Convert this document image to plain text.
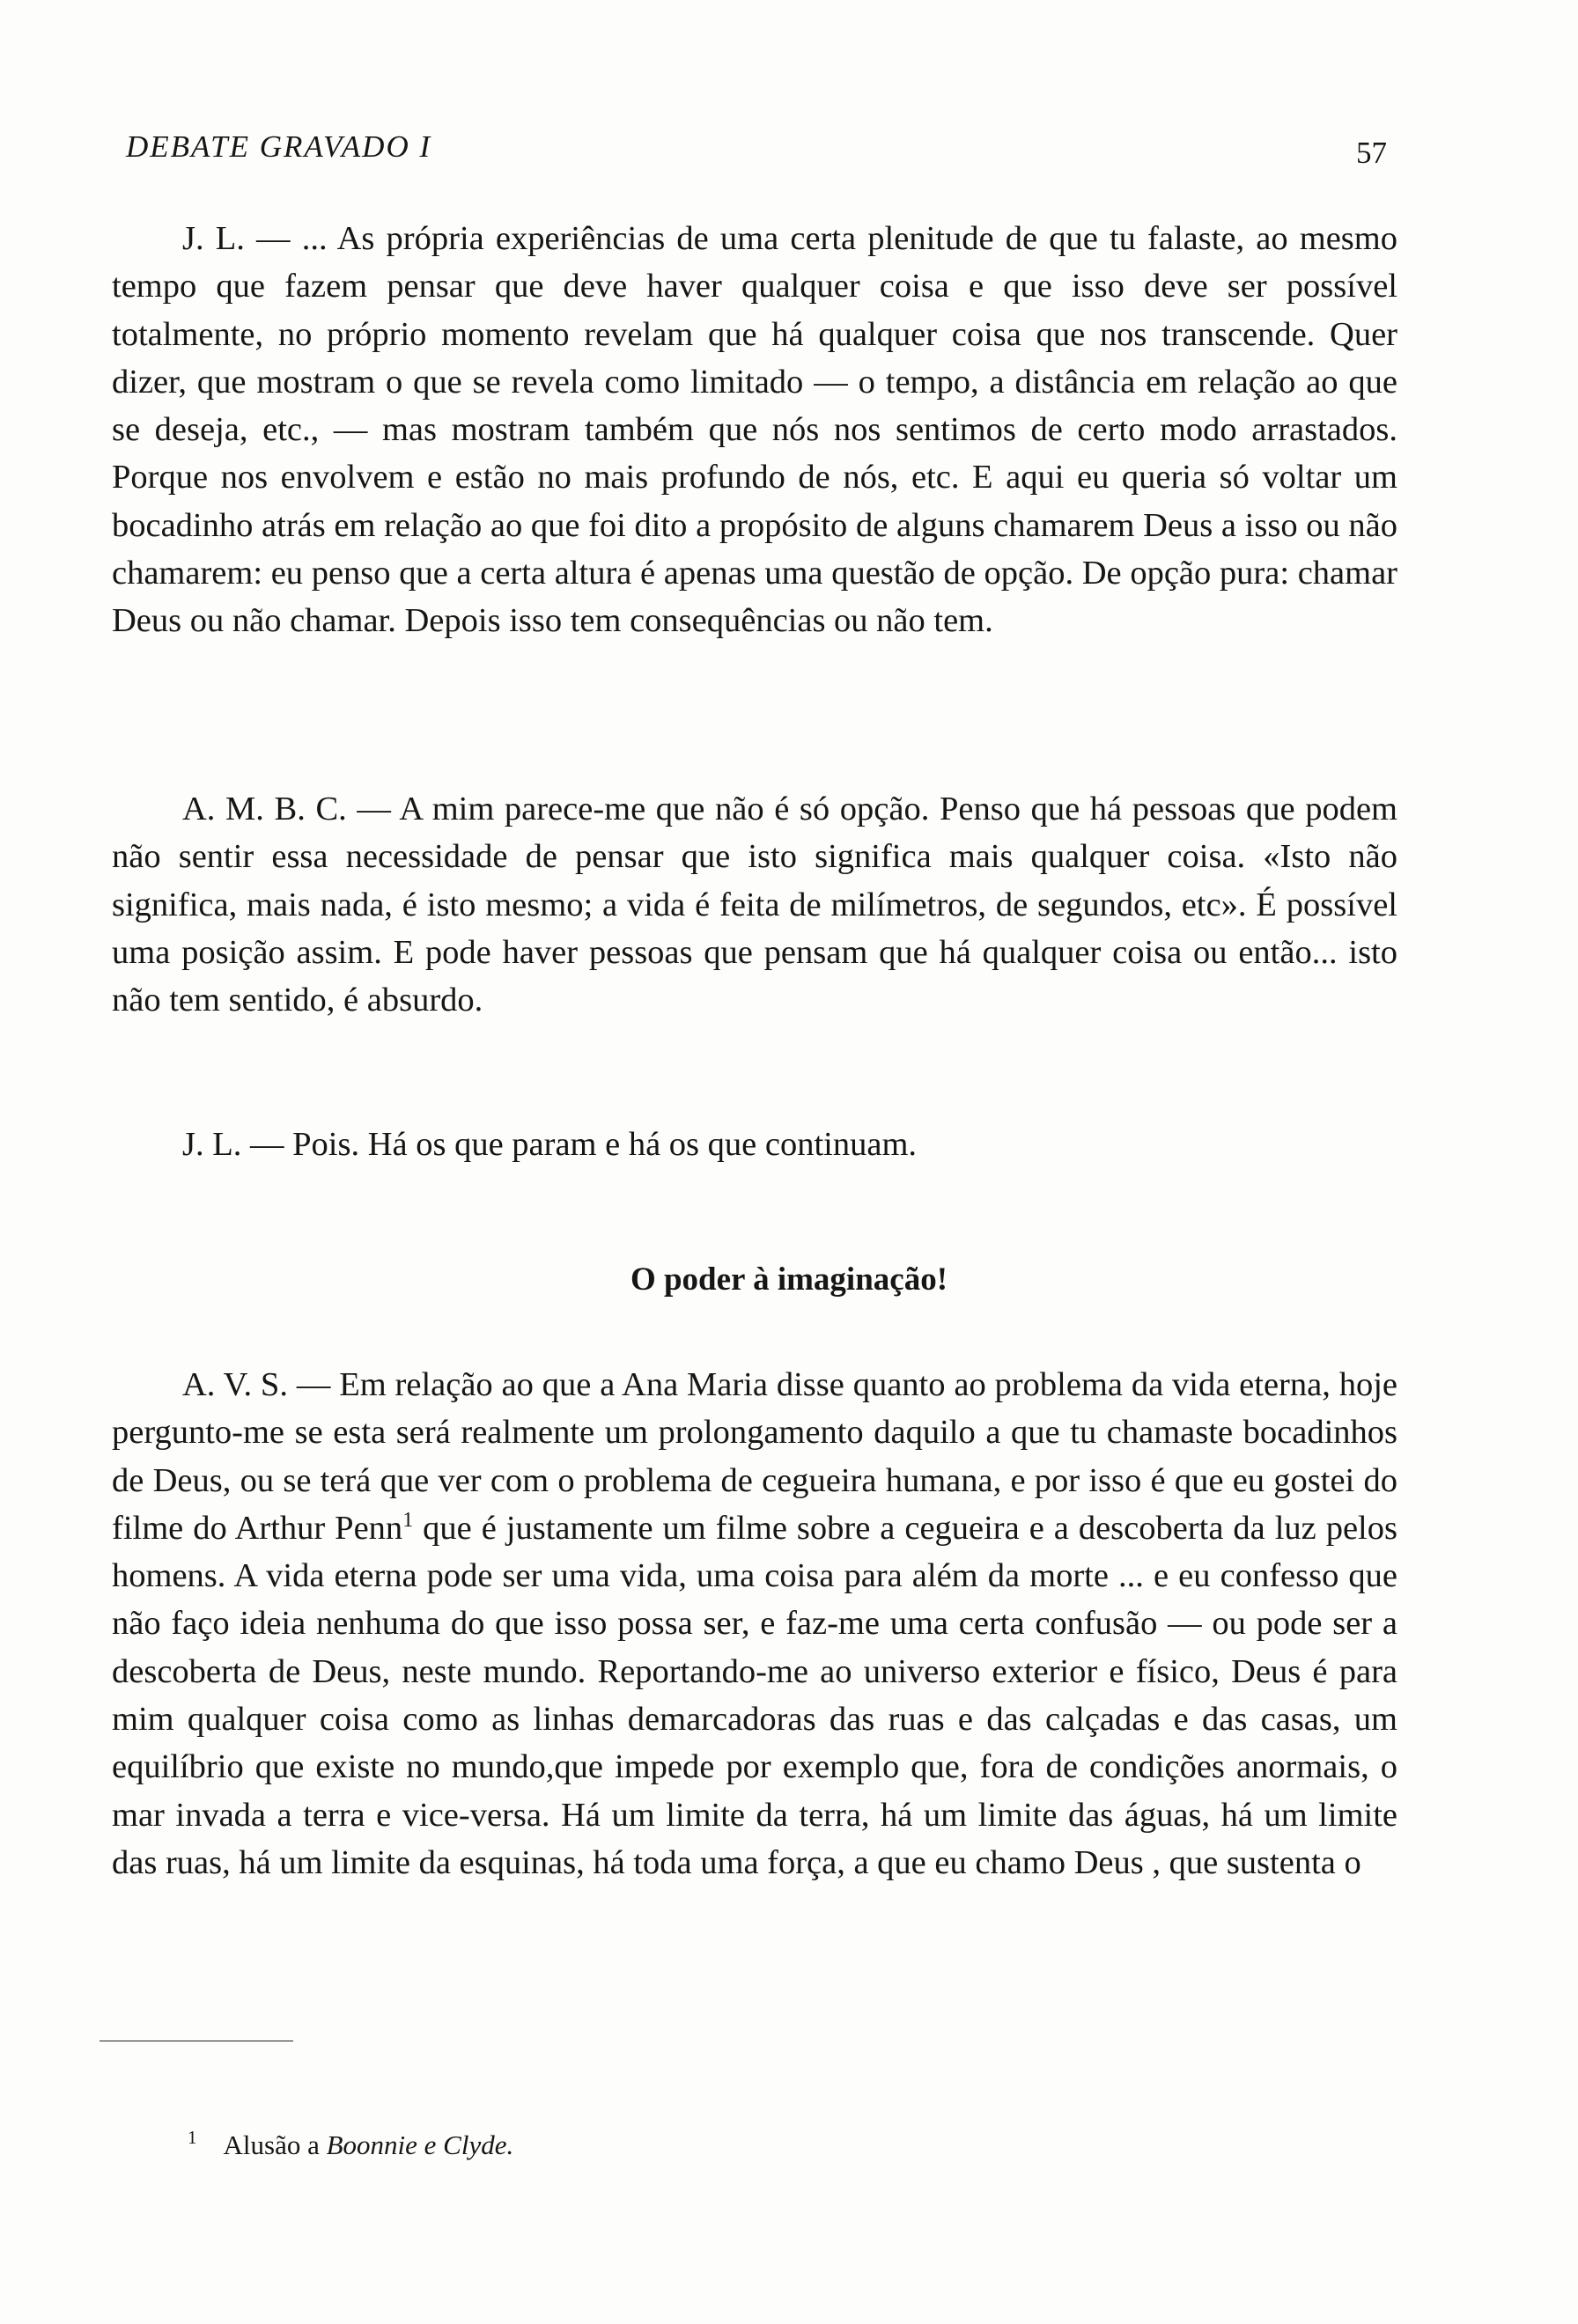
DEBATE GRAVADO I	57

J. L. — ... As própria experiências de uma certa plenitude de que tu falaste, ao mesmo tempo que fazem pensar que deve haver qualquer coisa e que isso deve ser possível totalmente, no próprio momento revelam que há qualquer coisa que nos transcende. Quer dizer, que mostram o que se revela como limitado — o tempo, a distância em relação ao que se deseja, etc., — mas mostram também que nós nos sentimos de certo modo arrastados. Porque nos envolvem e estão no mais profundo de nós, etc. E aqui eu queria só voltar um bocadinho atrás em relação ao que foi dito a propósito de alguns chamarem Deus a isso ou não chamarem: eu penso que a certa altura é apenas uma questão de opção. De opção pura: chamar Deus ou não chamar. Depois isso tem consequências ou não tem.

A. M. B. C. — A mim parece-me que não é só opção. Penso que há pessoas que podem não sentir essa necessidade de pensar que isto significa mais qualquer coisa. «Isto não significa, mais nada, é isto mesmo; a vida é feita de milímetros, de segundos, etc». É possível uma posição assim. E pode haver pessoas que pensam que há qualquer coisa ou então... isto não tem sentido, é absurdo.

J. L. — Pois. Há os que param e há os que continuam.

O poder à imaginação!

A. V. S. — Em relação ao que a Ana Maria disse quanto ao problema da vida eterna, hoje pergunto-me se esta será realmente um prolongamento daquilo a que tu chamaste bocadinhos de Deus, ou se terá que ver com o problema de cegueira humana, e por isso é que eu gostei do filme do Arthur Penn$^1$ que é justamente um filme sobre a cegueira e a descoberta da luz pelos homens. A vida eterna pode ser uma vida, uma coisa para além da morte ... e eu confesso que não faço ideia nenhuma do que isso possa ser, e faz-me uma certa confusão — ou pode ser a descoberta de Deus, neste mundo. Reportando-me ao universo exterior e físico, Deus é para mim qualquer coisa como as linhas demarcadoras das ruas e das calçadas e das casas, um equilíbrio que existe no mundo,que impede por exemplo que, fora de condições anormais, o mar invada a terra e vice-versa. Há um limite da terra, há um limite das águas, há um limite das ruas, há um limite da esquinas, há toda uma força, a que eu chamo Deus , que sustenta o

$^1$ Alusão a Boonnie e Clyde.
